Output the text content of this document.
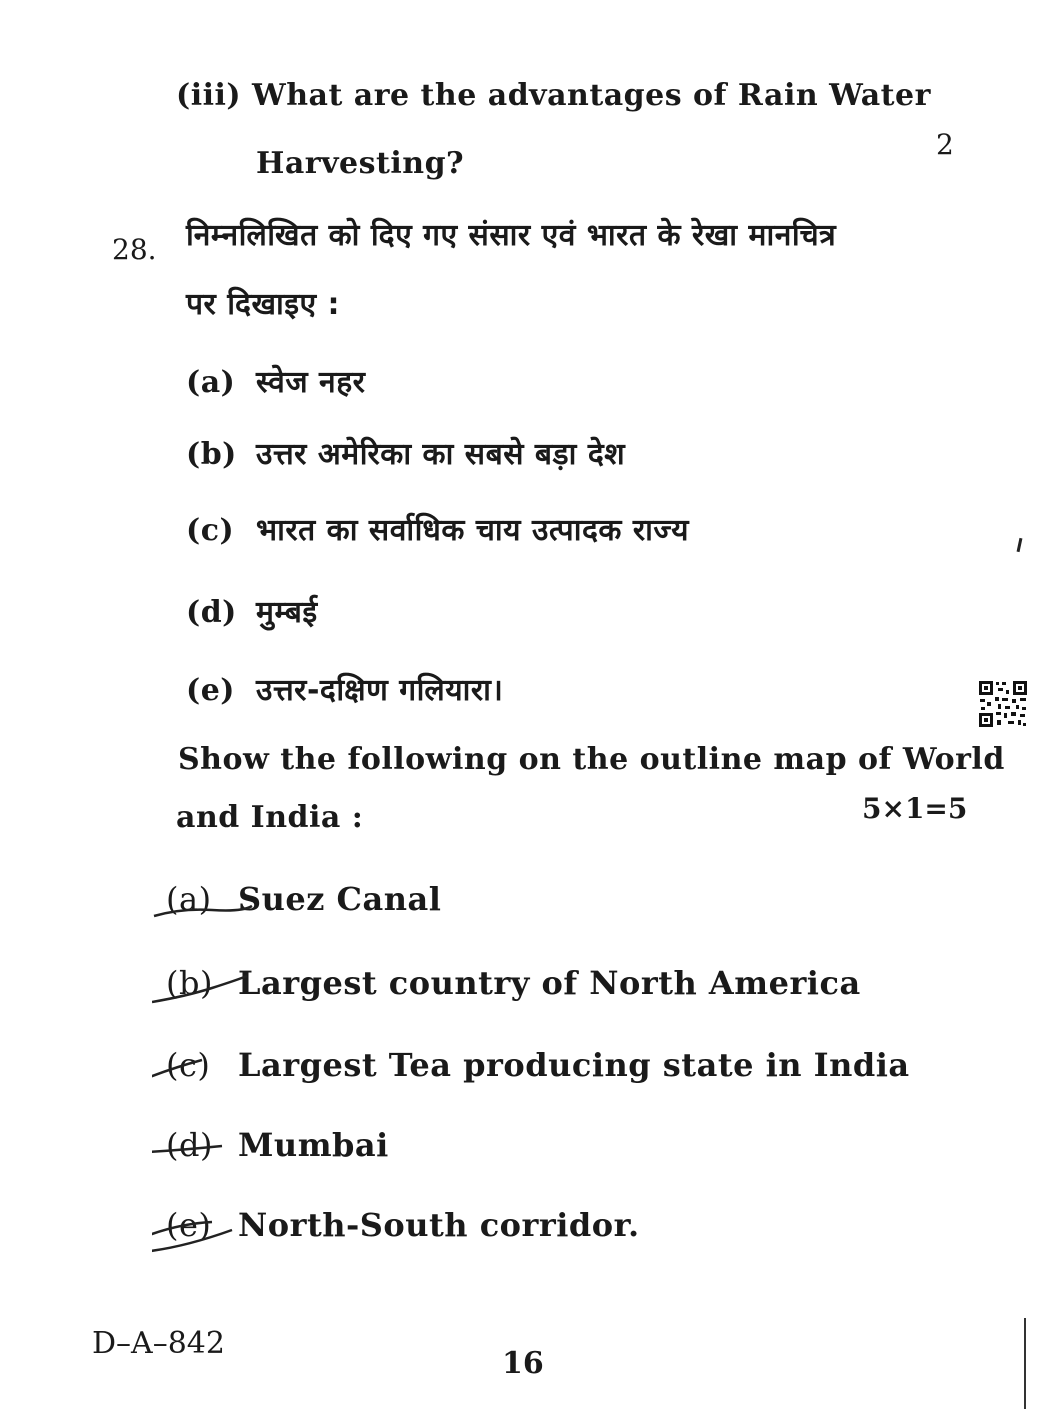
(iii) What are the advantages of Rain Water
Harvesting?
2
28. निम्नलिखित को दिए गए संसार एवं भारत के रेखा मानचित्र
पर दिखाइए :
(a) स्वेज नहर
(b) उत्तर अमेरिका का सबसे बड़ा देश
(c) भारत का सर्वाधिक चाय उत्पादक राज्य
(d) मुम्बई
(e) उत्तर-दक्षिण गलियारा।
Show the following on the outline map of World
and India :	5×1=5
(a) Suez Canal
(b) Largest country of North America
(c) Largest Tea producing state in India
(d) Mumbai
(e) North-South corridor.
D–A–842
16
